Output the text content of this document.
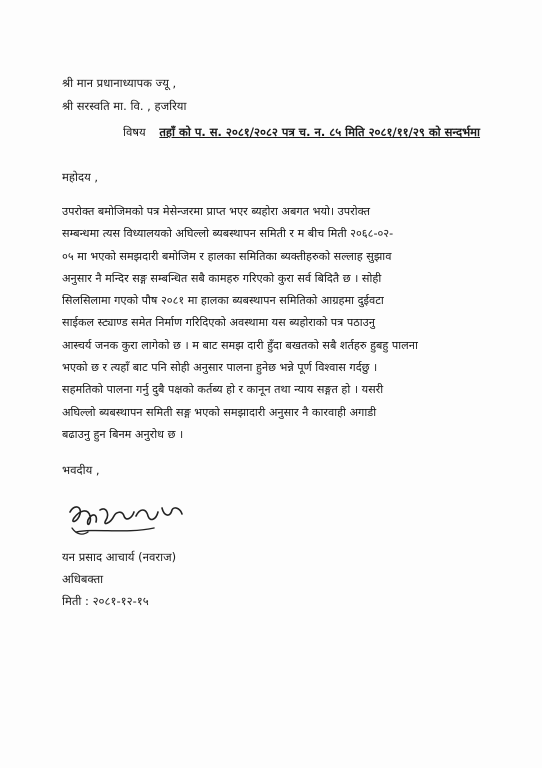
श्री मान प्रधानाध्यापक ज्यू ,
श्री सरस्वति मा. वि. , हजरिया
विषय तहाँ को प. स. २०८१/२०८२ पत्र च. न. ८५ मिति २०८१/११/२९ को सन्दर्भमा
महोदय ,
उपरोक्त बमोजिमको पत्र मेसेन्जरमा प्राप्त भएर ब्यहोरा अबगत भयो। उपरोक्त
सम्बन्धमा त्यस विध्यालयको अघिल्लो ब्यबस्थापन समिती र म बीच मिती २०६८-०२-
०५ मा भएको समझदारी बमोजिम र हालका समितिका ब्यक्तीहरुको सल्लाह सुझाव
अनुसार नै मन्दिर सङ्ग सम्बन्धित सबै कामहरु गरिएको कुरा सर्व बिदितै छ । सोही
सिलसिलामा गएको पौष २०८१ मा हालका ब्यबस्थापन समितिको आग्रहमा दुईवटा
साईकल स्ट्याण्ड समेत निर्माण गरिदिएको अवस्थामा यस ब्यहोराको पत्र पठाउनु
आस्चर्य जनक कुरा लागेको छ । म बाट समझ दारी हुँदा बखतको सबै शर्तहरु हुबहु पालना
भएको छ र त्यहाँ बाट पनि सोही अनुसार पालना हुनेछ भन्ने पूर्ण विश्वास गर्दछु ।
सहमतिको पालना गर्नु दुबै पक्षको कर्तब्य हो र कानून तथा न्याय सङ्गत हो । यसरी
अघिल्लो ब्यबस्थापन समिती सङ्ग भएको समझादारी अनुसार नै कारवाही अगाडी
बढाउनु हुन बिनम अनुरोध छ ।
भवदीय ,
यन प्रसाद आचार्य (नवराज)
अधिबक्ता
मिती : २०८१-१२-१५
